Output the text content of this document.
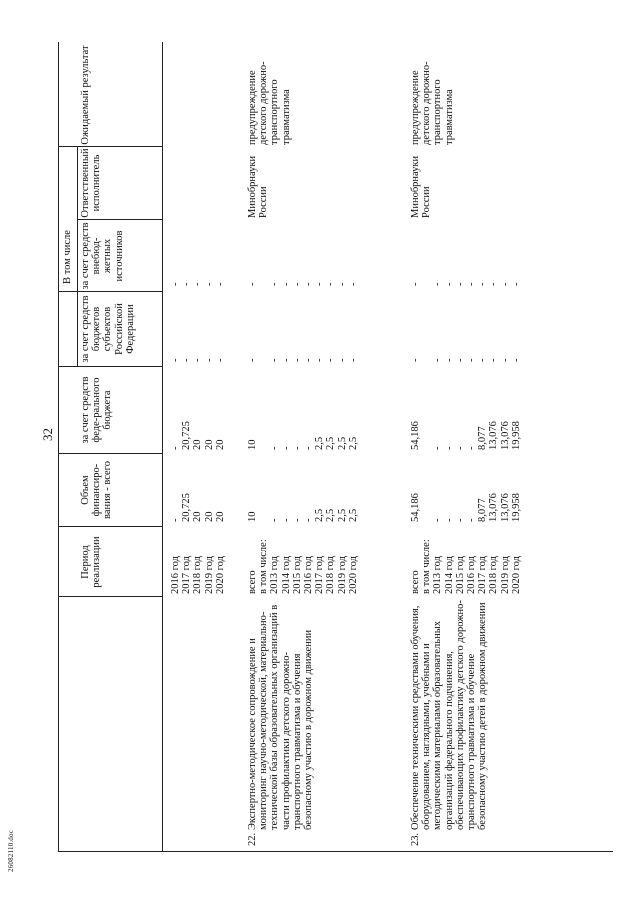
32
26082110.doc
Период реализации
Объем финансиро-вания - всего
за счет средств феде-рального бюджета
В том числе
за счет средств бюджетов субъектов Российской Федерации
за счет средств внебюд-жетных источников
Ответственный исполнитель
Ожидаемый результат
2016 год
2017 год
2018 год
2019 год
2020 год
-
20,725
20
20
20
-
20,725
20
20
20
-
-
-
-
-
-
-
-
-
-
22.
Экспертно-методическое сопровождение и мониторинг научно-методической, материально-технической базы образовательных организаций в части профилактики детского дорожно-транспортного травматизма и обучения безопасному участию в дорожном движении
всего
в том числе:
2013 год
2014 год
2015 год
2016 год
2017 год
2018 год
2019 год
2020 год
10

-
-
-
-
2,5
2,5
2,5
2,5
10

-
-
-
-
2,5
2,5
2,5
2,5
-

-
-
-
-
-
-
-
-
-

-
-
-
-
-
-
-
-
Минобрнауки России
предупреждение детского дорожно-транспортного травматизма
23.
Обеспечение техническими средствами обучения, оборудованием, наглядными, учебными и методическими материалами образовательных организаций федерального подчинения, обеспечивающих профилактику детского дорожно-транспортного травматизма и обучение безопасному участию детей в дорожном движении
всего
в том числе:
2013 год
2014 год
2015 год
2016 год
2017 год
2018 год
2019 год
2020 год
54,186

-
-
-
-
8,077
13,076
13,076
19,958
54,186

-
-
-
-
8,077
13,076
13,076
19,958
-

-
-
-
-
-
-
-
-
-

-
-
-
-
-
-
-
-
Минобрнауки России
предупреждение детского дорожно-транспортного травматизма
